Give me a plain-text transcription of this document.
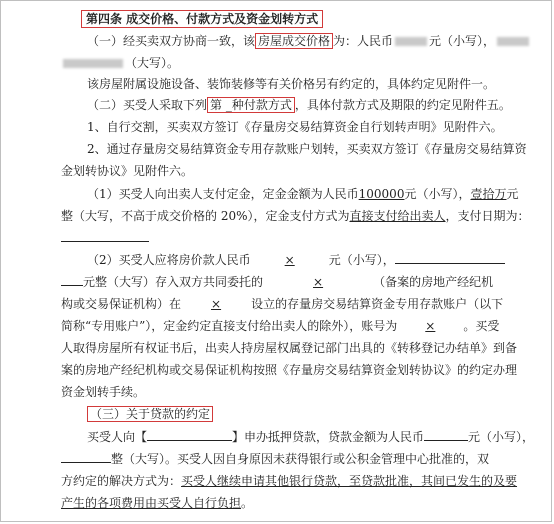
第四条 成交价格、付款方式及资金划转方式
（一）经买卖双方协商一致，该 房屋成交价格 为：人民币	元（小写），
（大写）。
该房屋附属设施设备、装饰装修等有关价格另有约定的，具体约定见附件一。
（二）买受人采取下列 第 _种付款方式 ，具体付款方式及期限的约定见附件五。
1、自行交割，买卖双方签订《存量房交易结算资金自行划转声明》见附件六。
2、通过存量房交易结算资金专用存款账户划转，买卖双方签订《存量房交易结算资
金划转协议》见附件六。
（1）买受人向出卖人支付定金，定金金额为人民币100000元（小写），壹拾万元
整（大写，不高于成交价格的 20%），定金支付方式为直接支付给出卖人，支付日期为：
（2）买受人应将房价款人民币	×	元（小写），
元整（大写）存入双方共同委托的	×	（备案的房地产经纪机
构或交易保证机构）在	×	设立的存量房交易结算资金专用存款账户（以下
简称“专用账户”），定金约定直接支付给出卖人的除外），账号为 × 。买受
人取得房屋所有权证书后，出卖人持房屋权属登记部门出具的《转移登记办结单》到备
案的房地产经纪机构或交易保证机构按照《存量房交易结算资金划转协议》的约定办理
资金划转手续。
（三）关于贷款的约定
买受人向【	】申办抵押贷款，贷款金额为人民币	元（小写），
整（大写）。买受人因自身原因未获得银行或公积金管理中心批准的，双
方约定的解决方式为：买受人继续申请其他银行贷款，至贷款批准，其间已发生的及要
产生的各项费用由买受人自行负担。
